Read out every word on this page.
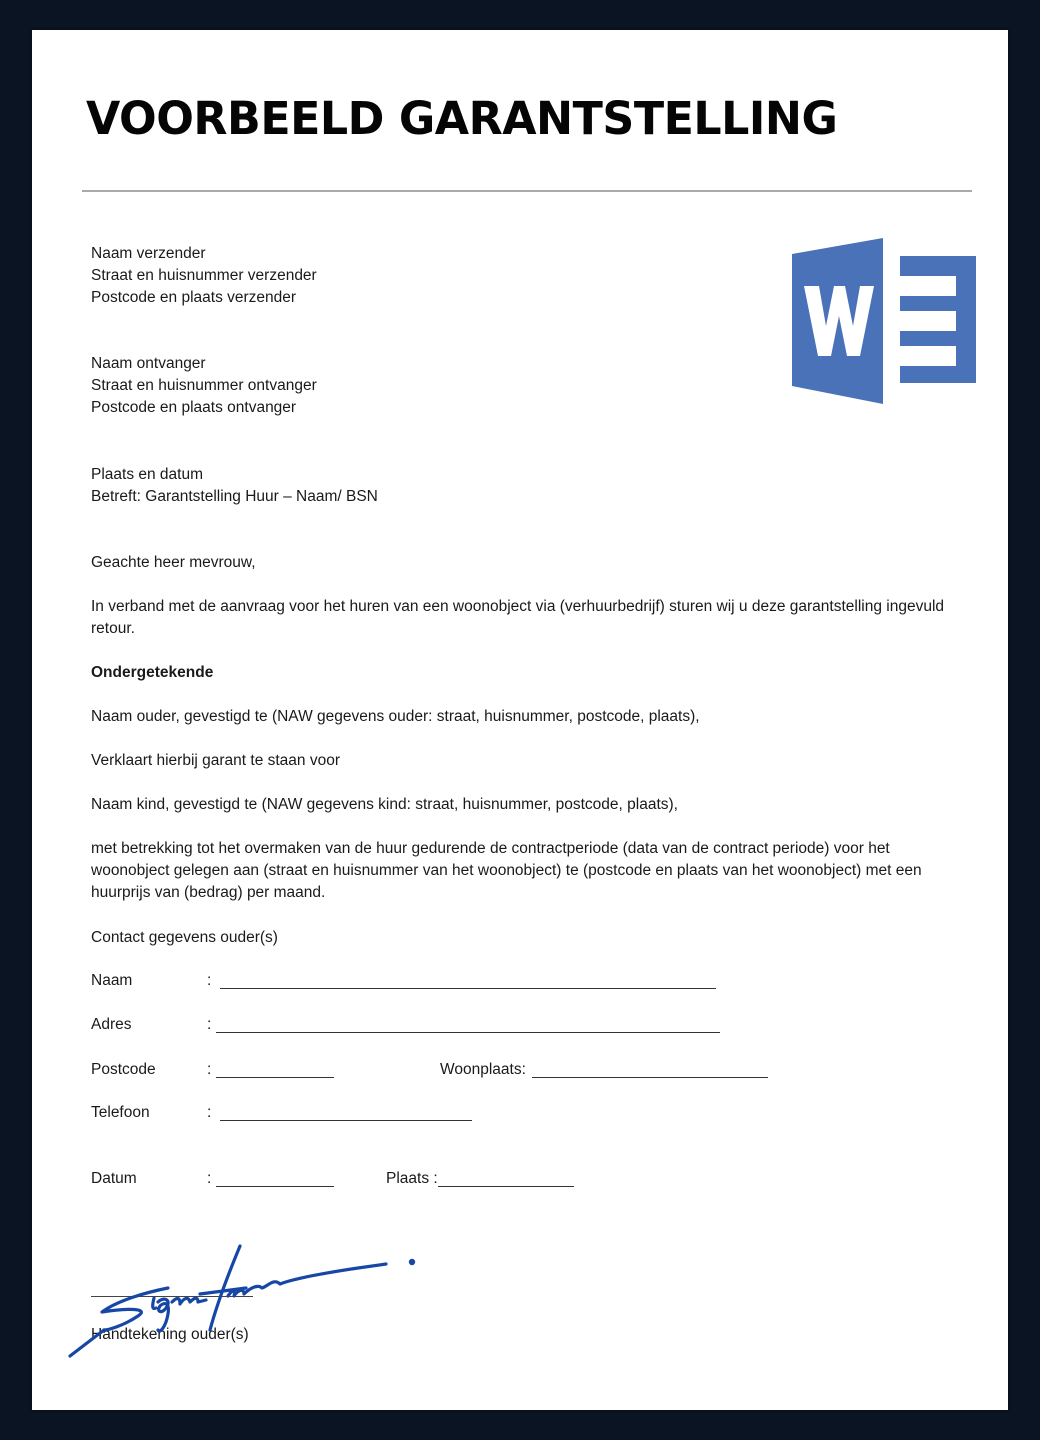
VOORBEELD GARANTSTELLING
Naam verzender
Straat en huisnummer verzender
Postcode en plaats verzender
Naam ontvanger
Straat en huisnummer ontvanger
Postcode en plaats ontvanger
Plaats en datum
Betreft: Garantstelling Huur – Naam/ BSN
Geachte heer mevrouw,
In verband met de aanvraag voor het huren van een woonobject via (verhuurbedrijf) sturen wij u deze garantstelling ingevuld retour.
Ondergetekende
Naam ouder, gevestigd te (NAW gegevens ouder: straat, huisnummer, postcode, plaats),
Verklaart hierbij garant te staan voor
Naam kind, gevestigd te (NAW gegevens kind: straat, huisnummer, postcode, plaats),
met betrekking tot het overmaken van de huur gedurende de contractperiode (data van de contract periode) voor het woonobject gelegen aan (straat en huisnummer van het woonobject) te (postcode en plaats van het woonobject) met een huurprijs van (bedrag) per maand.
Contact gegevens ouder(s)
Naam	:
Adres	:
Postcode	:	Woonplaats:
Telefoon	:
Datum	:	Plaats :
Handtekening ouder(s)
